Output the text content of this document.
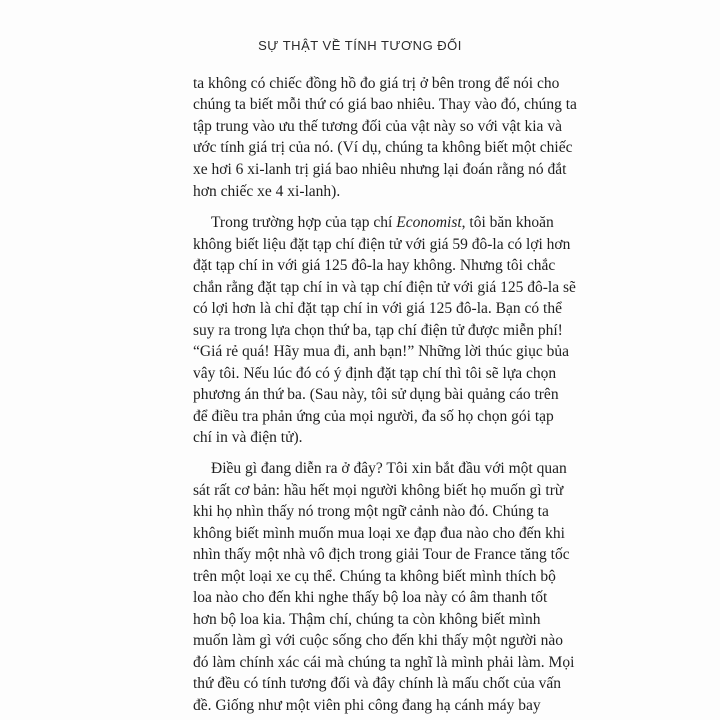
SỰ THẬT VỀ TÍNH TƯƠNG ĐỐI
ta không có chiếc đồng hồ đo giá trị ở bên trong để nói cho
chúng ta biết mỗi thứ có giá bao nhiêu. Thay vào đó, chúng ta
tập trung vào ưu thế tương đối của vật này so với vật kia và
ước tính giá trị của nó. (Ví dụ, chúng ta không biết một chiếc
xe hơi 6 xi-lanh trị giá bao nhiêu nhưng lại đoán rằng nó đắt
hơn chiếc xe 4 xi-lanh).
Trong trường hợp của tạp chí Economist, tôi băn khoăn
không biết liệu đặt tạp chí điện tử với giá 59 đô-la có lợi hơn
đặt tạp chí in với giá 125 đô-la hay không. Nhưng tôi chắc
chắn rằng đặt tạp chí in và tạp chí điện tử với giá 125 đô-la sẽ
có lợi hơn là chỉ đặt tạp chí in với giá 125 đô-la. Bạn có thể
suy ra trong lựa chọn thứ ba, tạp chí điện tử được miễn phí!
“Giá rẻ quá! Hãy mua đi, anh bạn!” Những lời thúc giục bủa
vây tôi. Nếu lúc đó có ý định đặt tạp chí thì tôi sẽ lựa chọn
phương án thứ ba. (Sau này, tôi sử dụng bài quảng cáo trên
để điều tra phản ứng của mọi người, đa số họ chọn gói tạp
chí in và điện tử).
Điều gì đang diễn ra ở đây? Tôi xin bắt đầu với một quan
sát rất cơ bản: hầu hết mọi người không biết họ muốn gì trừ
khi họ nhìn thấy nó trong một ngữ cảnh nào đó. Chúng ta
không biết mình muốn mua loại xe đạp đua nào cho đến khi
nhìn thấy một nhà vô địch trong giải Tour de France tăng tốc
trên một loại xe cụ thể. Chúng ta không biết mình thích bộ
loa nào cho đến khi nghe thấy bộ loa này có âm thanh tốt
hơn bộ loa kia. Thậm chí, chúng ta còn không biết mình
muốn làm gì với cuộc sống cho đến khi thấy một người nào
đó làm chính xác cái mà chúng ta nghĩ là mình phải làm. Mọi
thứ đều có tính tương đối và đây chính là mấu chốt của vấn
đề. Giống như một viên phi công đang hạ cánh máy bay
